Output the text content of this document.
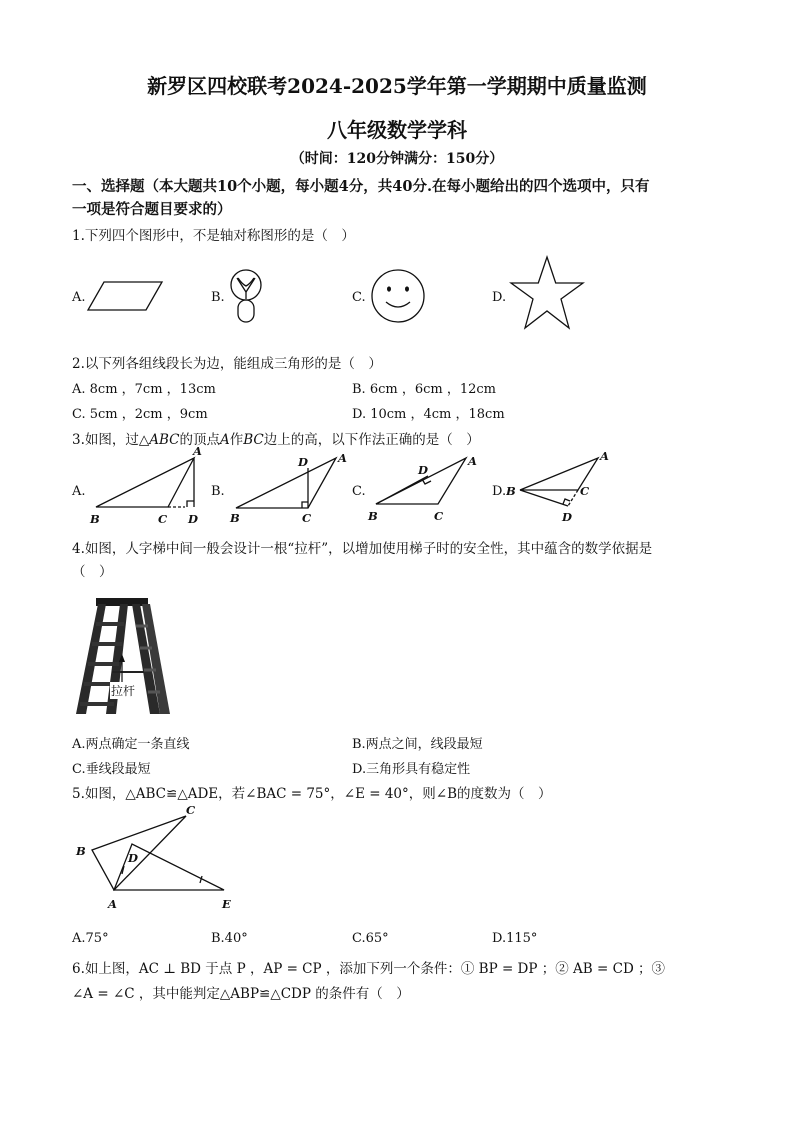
新罗区四校联考2024-2025学年第一学期期中质量监测
八年级数学学科
（时间：120分钟满分：150分）
一、选择题（本大题共10个小题，每小题4分，共40分.在每小题给出的四个选项中，只有
一项是符合题目要求的）
1.下列四个图形中，不是轴对称图形的是（　）
A.	B.	C.	D.
2.以下列各组线段长为边，能组成三角形的是（　）
A. 8cm ，7cm ，13cm	B. 6cm ，6cm ，12cm
C. 5cm ，2cm ，9cm	D. 10cm ，4cm ，18cm
3.如图，过△ABC的顶点A作BC边上的高，以下作法正确的是（　）
A.	B.	C.	D.
A
B	C D
A
D
B	C
A
D
B	C
A
B	C
D
4.如图，人字梯中间一般会设计一根“拉杆”，以增加使用梯子时的安全性，其中蕴含的数学依据是
（　）
拉杆
A.两点确定一条直线	B.两点之间，线段最短
C.垂线段最短	D.三角形具有稳定性
5.如图，△ABC≌△ADE，若∠BAC = 75°，∠E = 40°，则∠B的度数为（　）
C
B	D
A	E
A.75°	B.40°	C.65°	D.115°
6.如上图，AC ⊥ BD 于点 P ，AP = CP ，添加下列一个条件：① BP = DP ；② AB = CD ；③
∠A = ∠C ，其中能判定△ABP≌△CDP 的条件有（　）
